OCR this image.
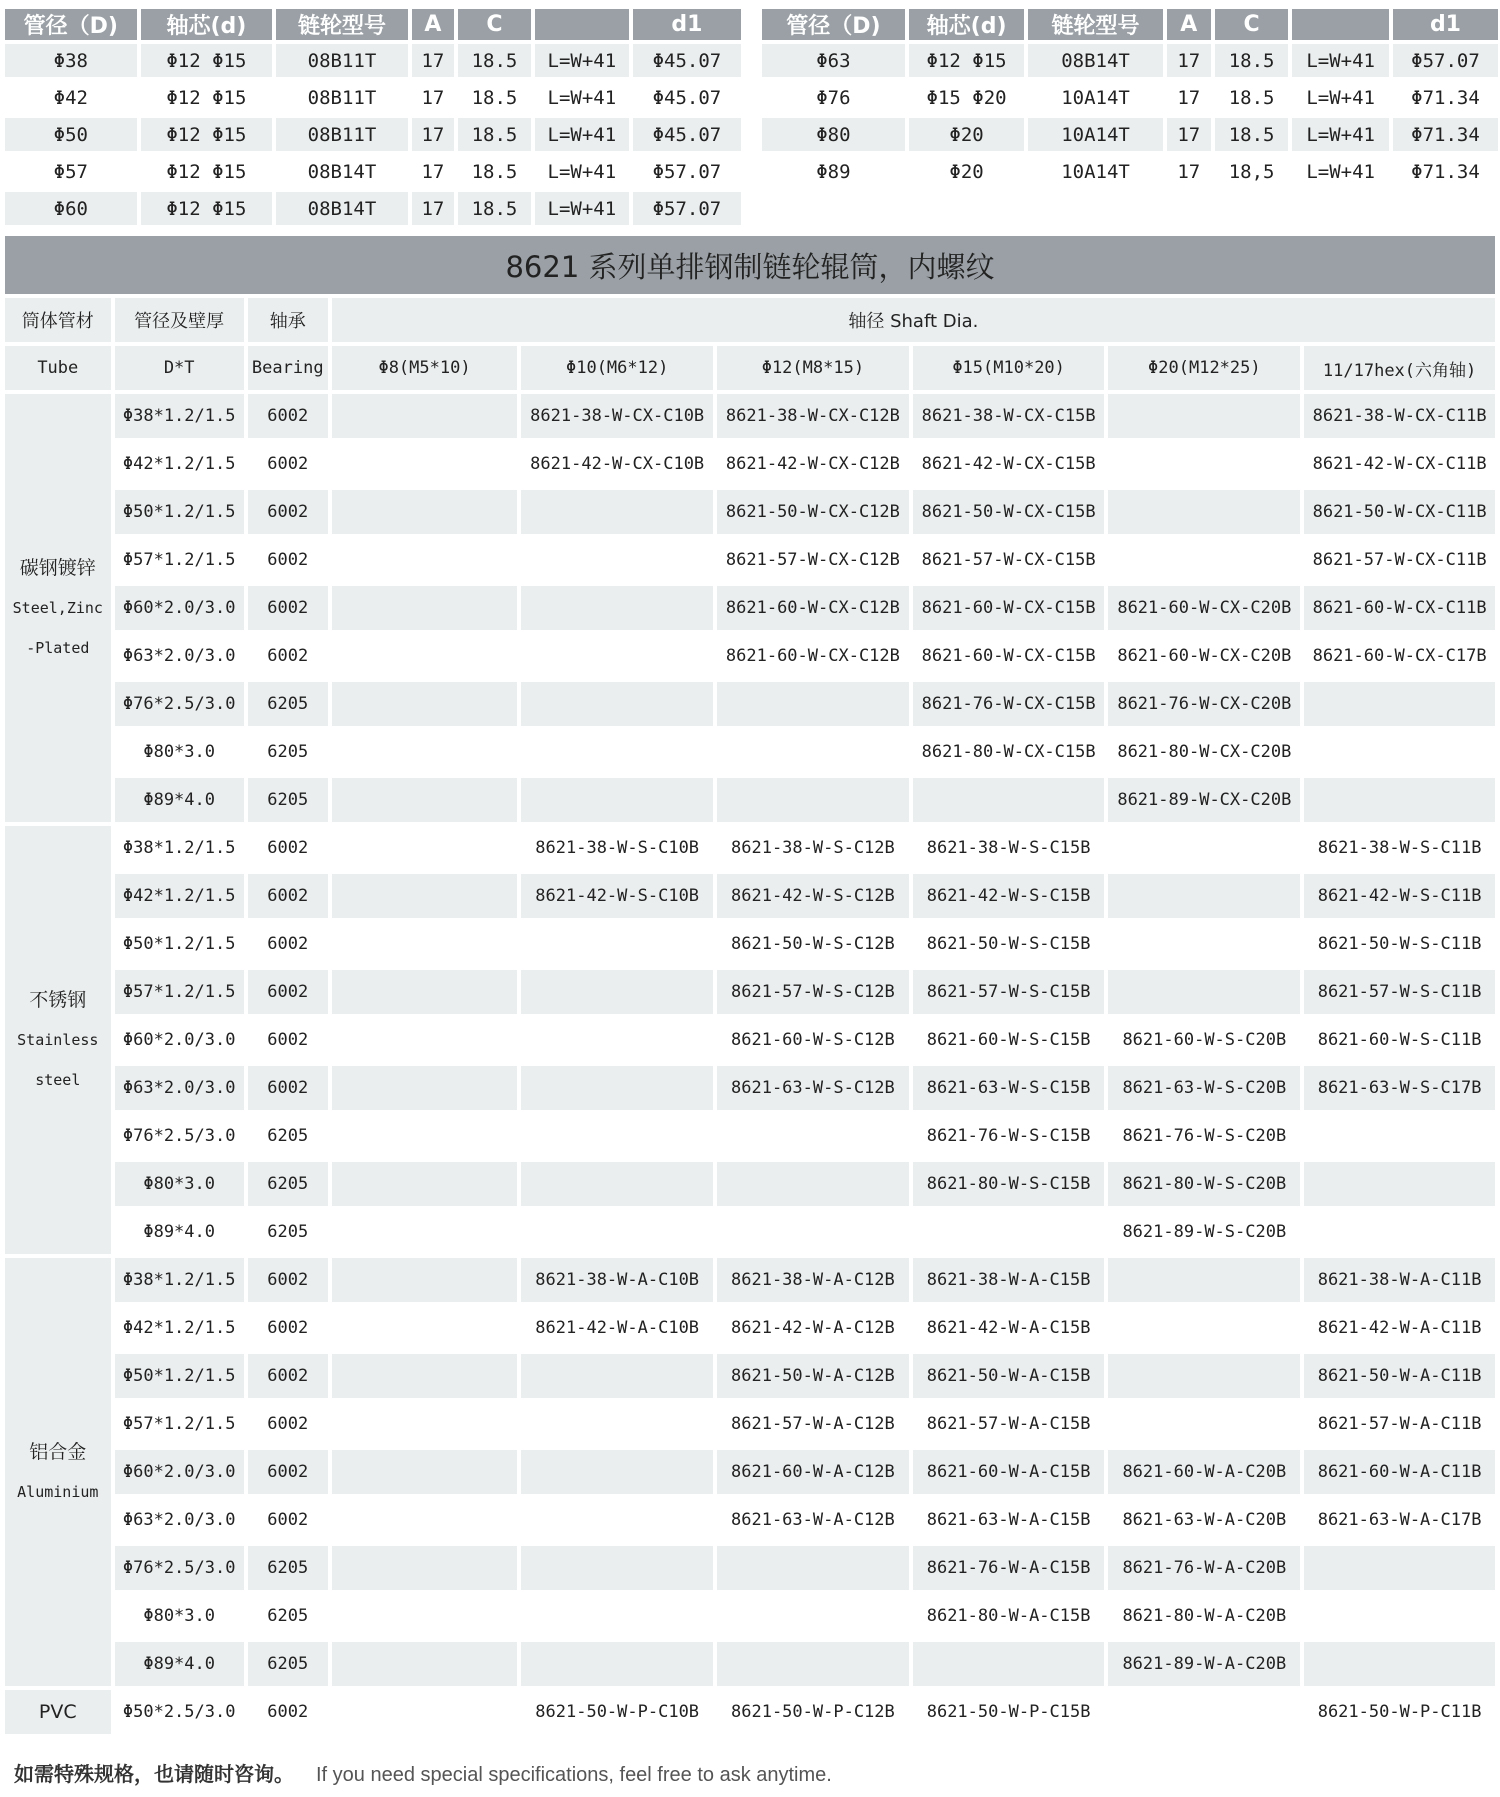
管径（D)	轴芯(d)	链轮型号	A	C		d1
Φ38	Φ12 Φ15	08B11T	17	18.5	L=W+41	Φ45.07
Φ42	Φ12 Φ15	08B11T	17	18.5	L=W+41	Φ45.07
Φ50	Φ12 Φ15	08B11T	17	18.5	L=W+41	Φ45.07
Φ57	Φ12 Φ15	08B14T	17	18.5	L=W+41	Φ57.07
Φ60	Φ12 Φ15	08B14T	17	18.5	L=W+41	Φ57.07
管径（D)	轴芯(d)	链轮型号	A	C		d1
Φ63	Φ12 Φ15	08B14T	17	18.5	L=W+41	Φ57.07
Φ76	Φ15 Φ20	10A14T	17	18.5	L=W+41	Φ71.34
Φ80	Φ20	10A14T	17	18.5	L=W+41	Φ71.34
Φ89	Φ20	10A14T	17	18,5	L=W+41	Φ71.34
8621 系列单排钢制链轮辊筒，内螺纹
筒体管材	管径及壁厚	轴承	轴径 Shaft Dia.					
Tube	D*T	Bearing	Φ8(M5*10)	Φ10(M6*12)	Φ12(M8*15)	Φ15(M10*20)	Φ20(M12*25)	11/17hex(六角轴)

碳钢镀锌
Steel,Zinc
-Plated	Φ38*1.2/1.5	6002		8621-38-W-CX-C10B	8621-38-W-CX-C12B	8621-38-W-CX-C15B		8621-38-W-CX-C11B
	Φ42*1.2/1.5	6002		8621-42-W-CX-C10B	8621-42-W-CX-C12B	8621-42-W-CX-C15B		8621-42-W-CX-C11B
	Φ50*1.2/1.5	6002			8621-50-W-CX-C12B	8621-50-W-CX-C15B		8621-50-W-CX-C11B
	Φ57*1.2/1.5	6002			8621-57-W-CX-C12B	8621-57-W-CX-C15B		8621-57-W-CX-C11B
	Φ60*2.0/3.0	6002			8621-60-W-CX-C12B	8621-60-W-CX-C15B	8621-60-W-CX-C20B	8621-60-W-CX-C11B
	Φ63*2.0/3.0	6002			8621-60-W-CX-C12B	8621-60-W-CX-C15B	8621-60-W-CX-C20B	8621-60-W-CX-C17B
	Φ76*2.5/3.0	6205				8621-76-W-CX-C15B	8621-76-W-CX-C20B	
	Φ80*3.0	6205				8621-80-W-CX-C15B	8621-80-W-CX-C20B	
	Φ89*4.0	6205					8621-89-W-CX-C20B	

不锈钢
Stainless
steel	Φ38*1.2/1.5	6002		8621-38-W-S-C10B	8621-38-W-S-C12B	8621-38-W-S-C15B		8621-38-W-S-C11B
	Φ42*1.2/1.5	6002		8621-42-W-S-C10B	8621-42-W-S-C12B	8621-42-W-S-C15B		8621-42-W-S-C11B
	Φ50*1.2/1.5	6002			8621-50-W-S-C12B	8621-50-W-S-C15B		8621-50-W-S-C11B
	Φ57*1.2/1.5	6002			8621-57-W-S-C12B	8621-57-W-S-C15B		8621-57-W-S-C11B
	Φ60*2.0/3.0	6002			8621-60-W-S-C12B	8621-60-W-S-C15B	8621-60-W-S-C20B	8621-60-W-S-C11B
	Φ63*2.0/3.0	6002			8621-63-W-S-C12B	8621-63-W-S-C15B	8621-63-W-S-C20B	8621-63-W-S-C17B
	Φ76*2.5/3.0	6205				8621-76-W-S-C15B	8621-76-W-S-C20B	
	Φ80*3.0	6205				8621-80-W-S-C15B	8621-80-W-S-C20B	
	Φ89*4.0	6205					8621-89-W-S-C20B	

铝合金
Aluminium	Φ38*1.2/1.5	6002		8621-38-W-A-C10B	8621-38-W-A-C12B	8621-38-W-A-C15B		8621-38-W-A-C11B
	Φ42*1.2/1.5	6002		8621-42-W-A-C10B	8621-42-W-A-C12B	8621-42-W-A-C15B		8621-42-W-A-C11B
	Φ50*1.2/1.5	6002			8621-50-W-A-C12B	8621-50-W-A-C15B		8621-50-W-A-C11B
	Φ57*1.2/1.5	6002			8621-57-W-A-C12B	8621-57-W-A-C15B		8621-57-W-A-C11B
	Φ60*2.0/3.0	6002			8621-60-W-A-C12B	8621-60-W-A-C15B	8621-60-W-A-C20B	8621-60-W-A-C11B
	Φ63*2.0/3.0	6002			8621-63-W-A-C12B	8621-63-W-A-C15B	8621-63-W-A-C20B	8621-63-W-A-C17B
	Φ76*2.5/3.0	6205				8621-76-W-A-C15B	8621-76-W-A-C20B	
	Φ80*3.0	6205				8621-80-W-A-C15B	8621-80-W-A-C20B	
	Φ89*4.0	6205					8621-89-W-A-C20B	

PVC	Φ50*2.5/3.0	6002		8621-50-W-P-C10B	8621-50-W-P-C12B	8621-50-W-P-C15B		8621-50-W-P-C11B
如需特殊规格，也请随时咨询。 If you need special specifications, feel free to ask anytime.
